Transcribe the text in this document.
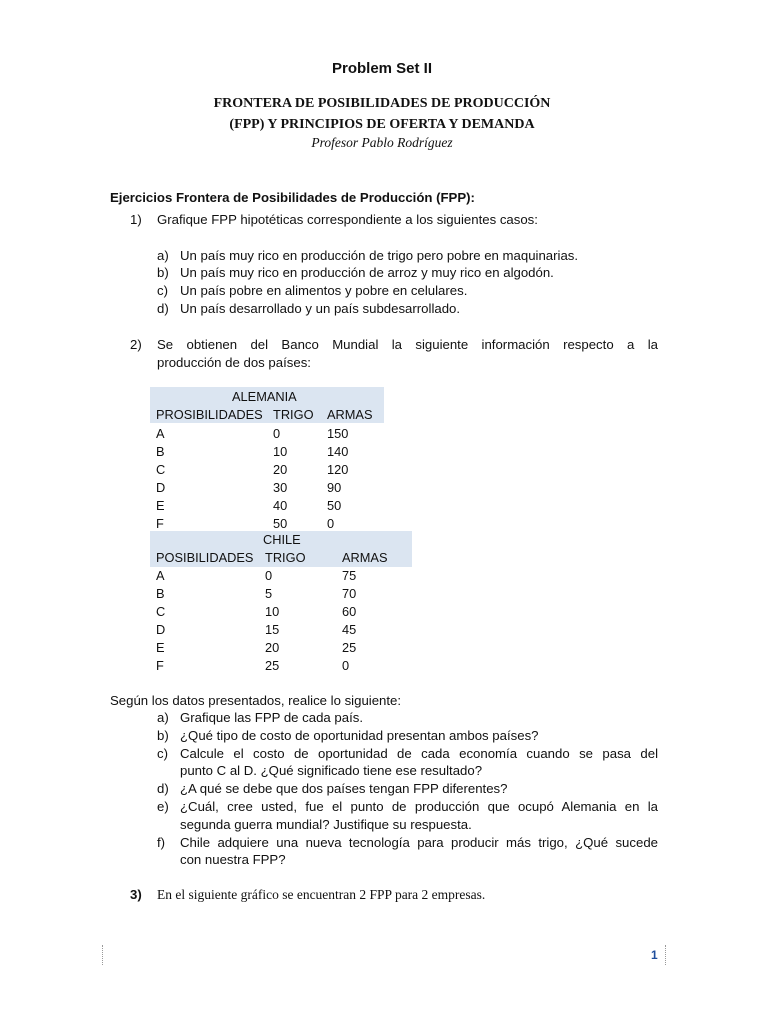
Problem Set II
FRONTERA DE POSIBILIDADES DE PRODUCCIÓN
(FPP) Y PRINCIPIOS DE OFERTA Y DEMANDA
Profesor Pablo Rodríguez
Ejercicios Frontera de Posibilidades de Producción (FPP):
1) Grafique FPP hipotéticas correspondiente a los siguientes casos:
a) Un país muy rico en producción de trigo pero pobre en maquinarias.
b) Un país muy rico en producción de arroz y muy rico en algodón.
c) Un país pobre en alimentos y pobre en celulares.
d) Un país desarrollado y un país subdesarrollado.
2) Se obtienen del Banco Mundial la siguiente información respecto a la
producción de dos países:
ALEMANIA
PROSIBILIDADES TRIGO ARMAS
A	0	150
B	10	140
C	20	120
D	30	90
E	40	50
F	50	0
CHILE
POSIBILIDADES TRIGO	ARMAS
A	0	75
B	5	70
C	10	60
D	15	45
E	20	25
F	25	0
Según los datos presentados, realice lo siguiente:
a) Grafique las FPP de cada país.
b) ¿Qué tipo de costo de oportunidad presentan ambos países?
c) Calcule el costo de oportunidad de cada economía cuando se pasa del
punto C al D. ¿Qué significado tiene ese resultado?
d) ¿A qué se debe que dos países tengan FPP diferentes?
e) ¿Cuál, cree usted, fue el punto de producción que ocupó Alemania en la
segunda guerra mundial? Justifique su respuesta.
f) Chile adquiere una nueva tecnología para producir más trigo, ¿Qué sucede
con nuestra FPP?
3) En el siguiente gráfico se encuentran 2 FPP para 2 empresas.
1
